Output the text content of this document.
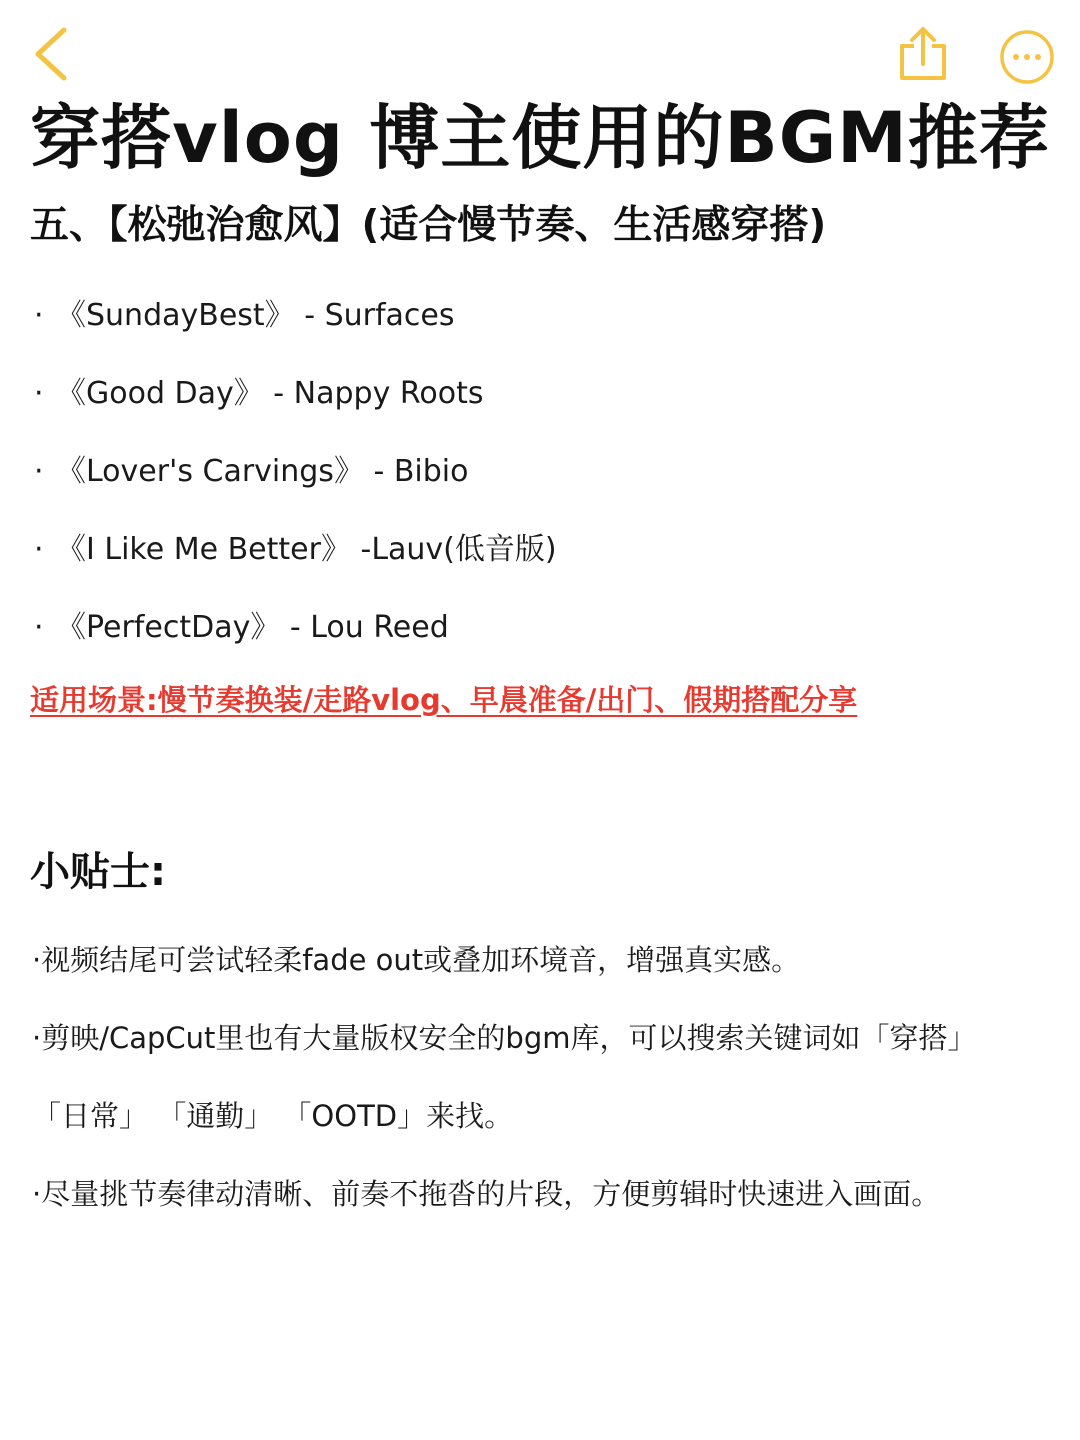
穿搭vlog 博主使用的BGM推荐
五、【松弛治愈风】(适合慢节奏、生活感穿搭)
· 《SundayBest》 - Surfaces
· 《Good Day》 - Nappy Roots
· 《Lover's Carvings》 - Bibio
· 《I Like Me Better》 -Lauv(低音版)
· 《PerfectDay》 - Lou Reed
适用场景:慢节奏换装/走路vlog、早晨准备/出门、假期搭配分享
小贴士:
·视频结尾可尝试轻柔fade out或叠加环境音，增强真实感。
·剪映/CapCut里也有大量版权安全的bgm库，可以搜索关键词如「穿搭」
「日常」 「通勤」 「OOTD」来找。
·尽量挑节奏律动清晰、前奏不拖沓的片段，方便剪辑时快速进入画面。
